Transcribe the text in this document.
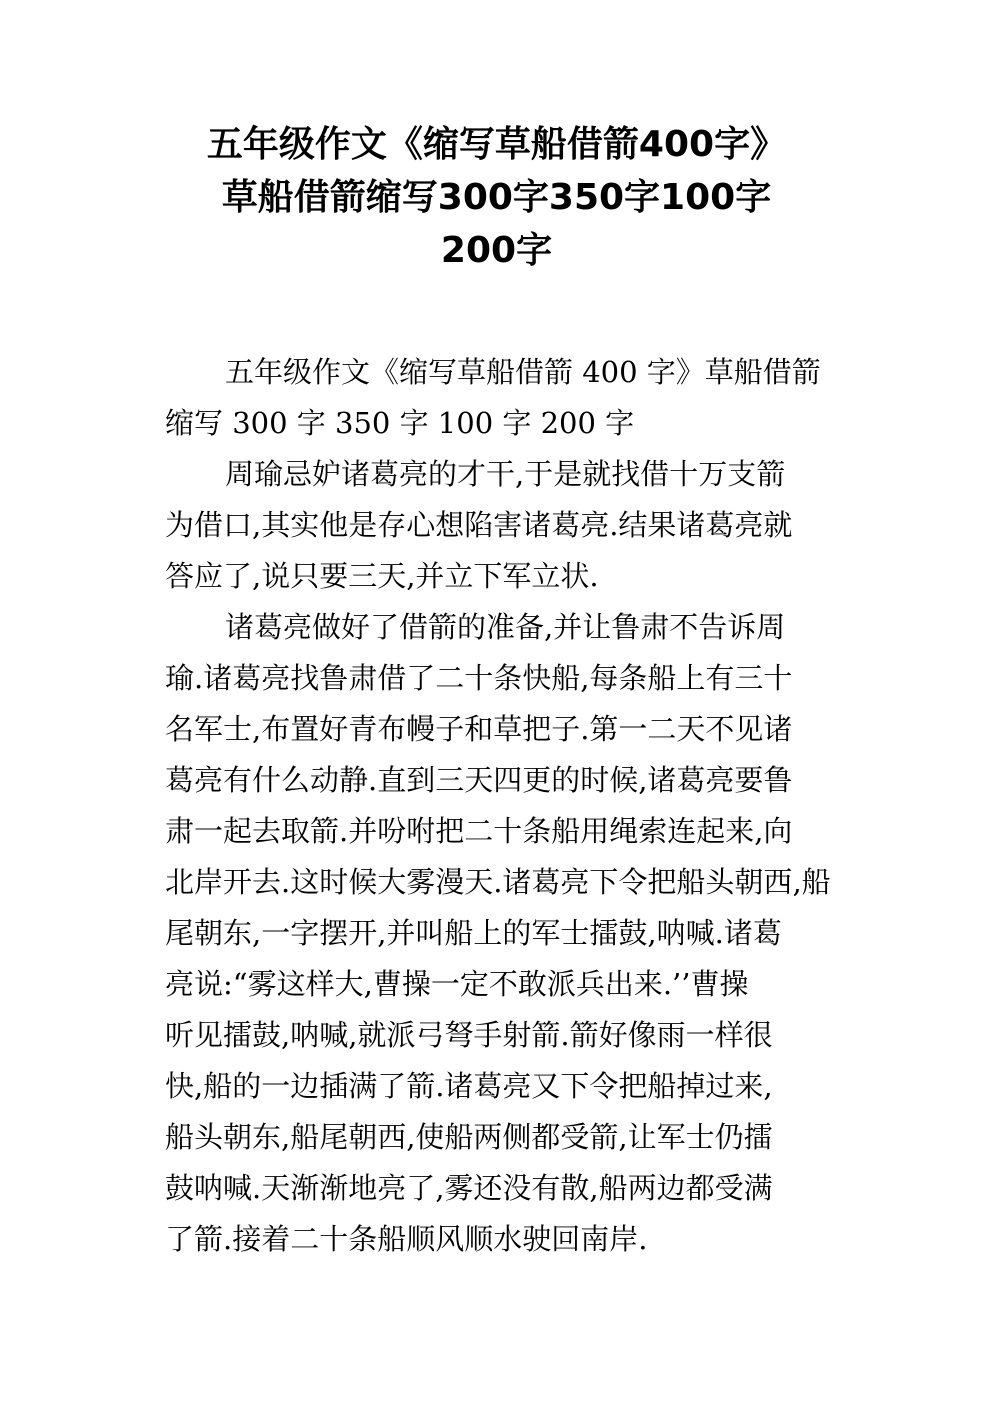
五年级作文《缩写草船借箭400字》
草船借箭缩写300字350字100字
200字

五年级作文《缩写草船借箭 400 字》草船借箭
缩写 300 字 350 字 100 字 200 字

周瑜忌妒诸葛亮的才干,于是就找借十万支箭
为借口,其实他是存心想陷害诸葛亮.结果诸葛亮就
答应了,说只要三天,并立下军立状.

诸葛亮做好了借箭的准备,并让鲁肃不告诉周
瑜.诸葛亮找鲁肃借了二十条快船,每条船上有三十
名军士,布置好青布幔子和草把子.第一二天不见诸
葛亮有什么动静.直到三天四更的时候,诸葛亮要鲁
肃一起去取箭.并吩咐把二十条船用绳索连起来,向
北岸开去.这时候大雾漫天.诸葛亮下令把船头朝西,船
尾朝东,一字摆开,并叫船上的军士擂鼓,呐喊.诸葛
亮说:“雾这样大,曹操一定不敢派兵出来.’’曹操
听见擂鼓,呐喊,就派弓弩手射箭.箭好像雨一样很
快,船的一边插满了箭.诸葛亮又下令把船掉过来,
船头朝东,船尾朝西,使船两侧都受箭,让军士仍擂
鼓呐喊.天渐渐地亮了,雾还没有散,船两边都受满
了箭.接着二十条船顺风顺水驶回南岸.
